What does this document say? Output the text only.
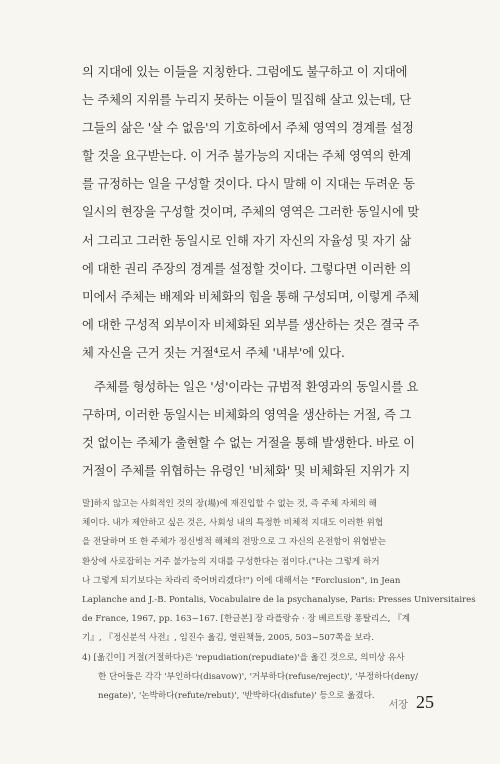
의 지대에 있는 이들을 지칭한다. 그럼에도 불구하고 이 지대에
는 주체의 지위를 누리지 못하는 이들이 밀집해 살고 있는데, 단
그들의 삶은 '살 수 없음'의 기호하에서 주체 영역의 경계를 설정
할 것을 요구받는다. 이 거주 불가능의 지대는 주체 영역의 한계
를 규정하는 일을 구성할 것이다. 다시 말해 이 지대는 두려운 동
일시의 현장을 구성할 것이며, 주체의 영역은 그러한 동일시에 맞
서 그리고 그러한 동일시로 인해 자기 자신의 자율성 및 자기 삶
에 대한 권리 주장의 경계를 설정할 것이다. 그렇다면 이러한 의
미에서 주체는 배제와 비체화의 힘을 통해 구성되며, 이렇게 주체
에 대한 구성적 외부이자 비체화된 외부를 생산하는 것은 결국 주
체 자신을 근거 짓는 거절⁴로서 주체 '내부'에 있다.
주체를 형성하는 일은 '성'이라는 규범적 환영과의 동일시를 요
구하며, 이러한 동일시는 비체화의 영역을 생산하는 거절, 즉 그
것 없이는 주체가 출현할 수 없는 거절을 통해 발생한다. 바로 이
거절이 주체를 위협하는 유령인 '비체화' 및 비체화된 지위가 지
말]하지 않고는 사회적인 것의 장(場)에 재진입할 수 없는 것, 즉 주체 자체의 해
체이다. 내가 제안하고 싶은 것은, 사회성 내의 특정한 비체적 지대도 이러한 위협
을 전달하며 또 한 주체가 정신병적 해체의 전망으로 그 자신의 온전함이 위협받는
환상에 사로잡히는 거주 불가능의 지대를 구성한다는 점이다.("나는 그렇게 하거
나 그렇게 되기보다는 차라리 죽어버리겠다!") 이에 대해서는 "Forclusion", in Jean
Laplanche and J.-B. Pontalis, Vocabulaire de la psychanalyse, Paris: Presses Universitaires
de France, 1967, pp. 163~167. [한글본] 장 라플랑슈 · 장 베르트랑 퐁탈리스, 『계
기』, 『정신분석 사전』, 임진수 옮김, 열린책들, 2005, 503~507쪽을 보라.
4) [옮긴이] 거절(거절하다)은 'repudiation(repudiate)'을 옮긴 것으로, 의미상 유사
한 단어들은 각각 '부인하다(disavow)', '거부하다(refuse/reject)', '부정하다(deny/
negate)', '논박하다(refute/rebut)', '반박하다(disfute)' 등으로 옮겼다.
서장 25
